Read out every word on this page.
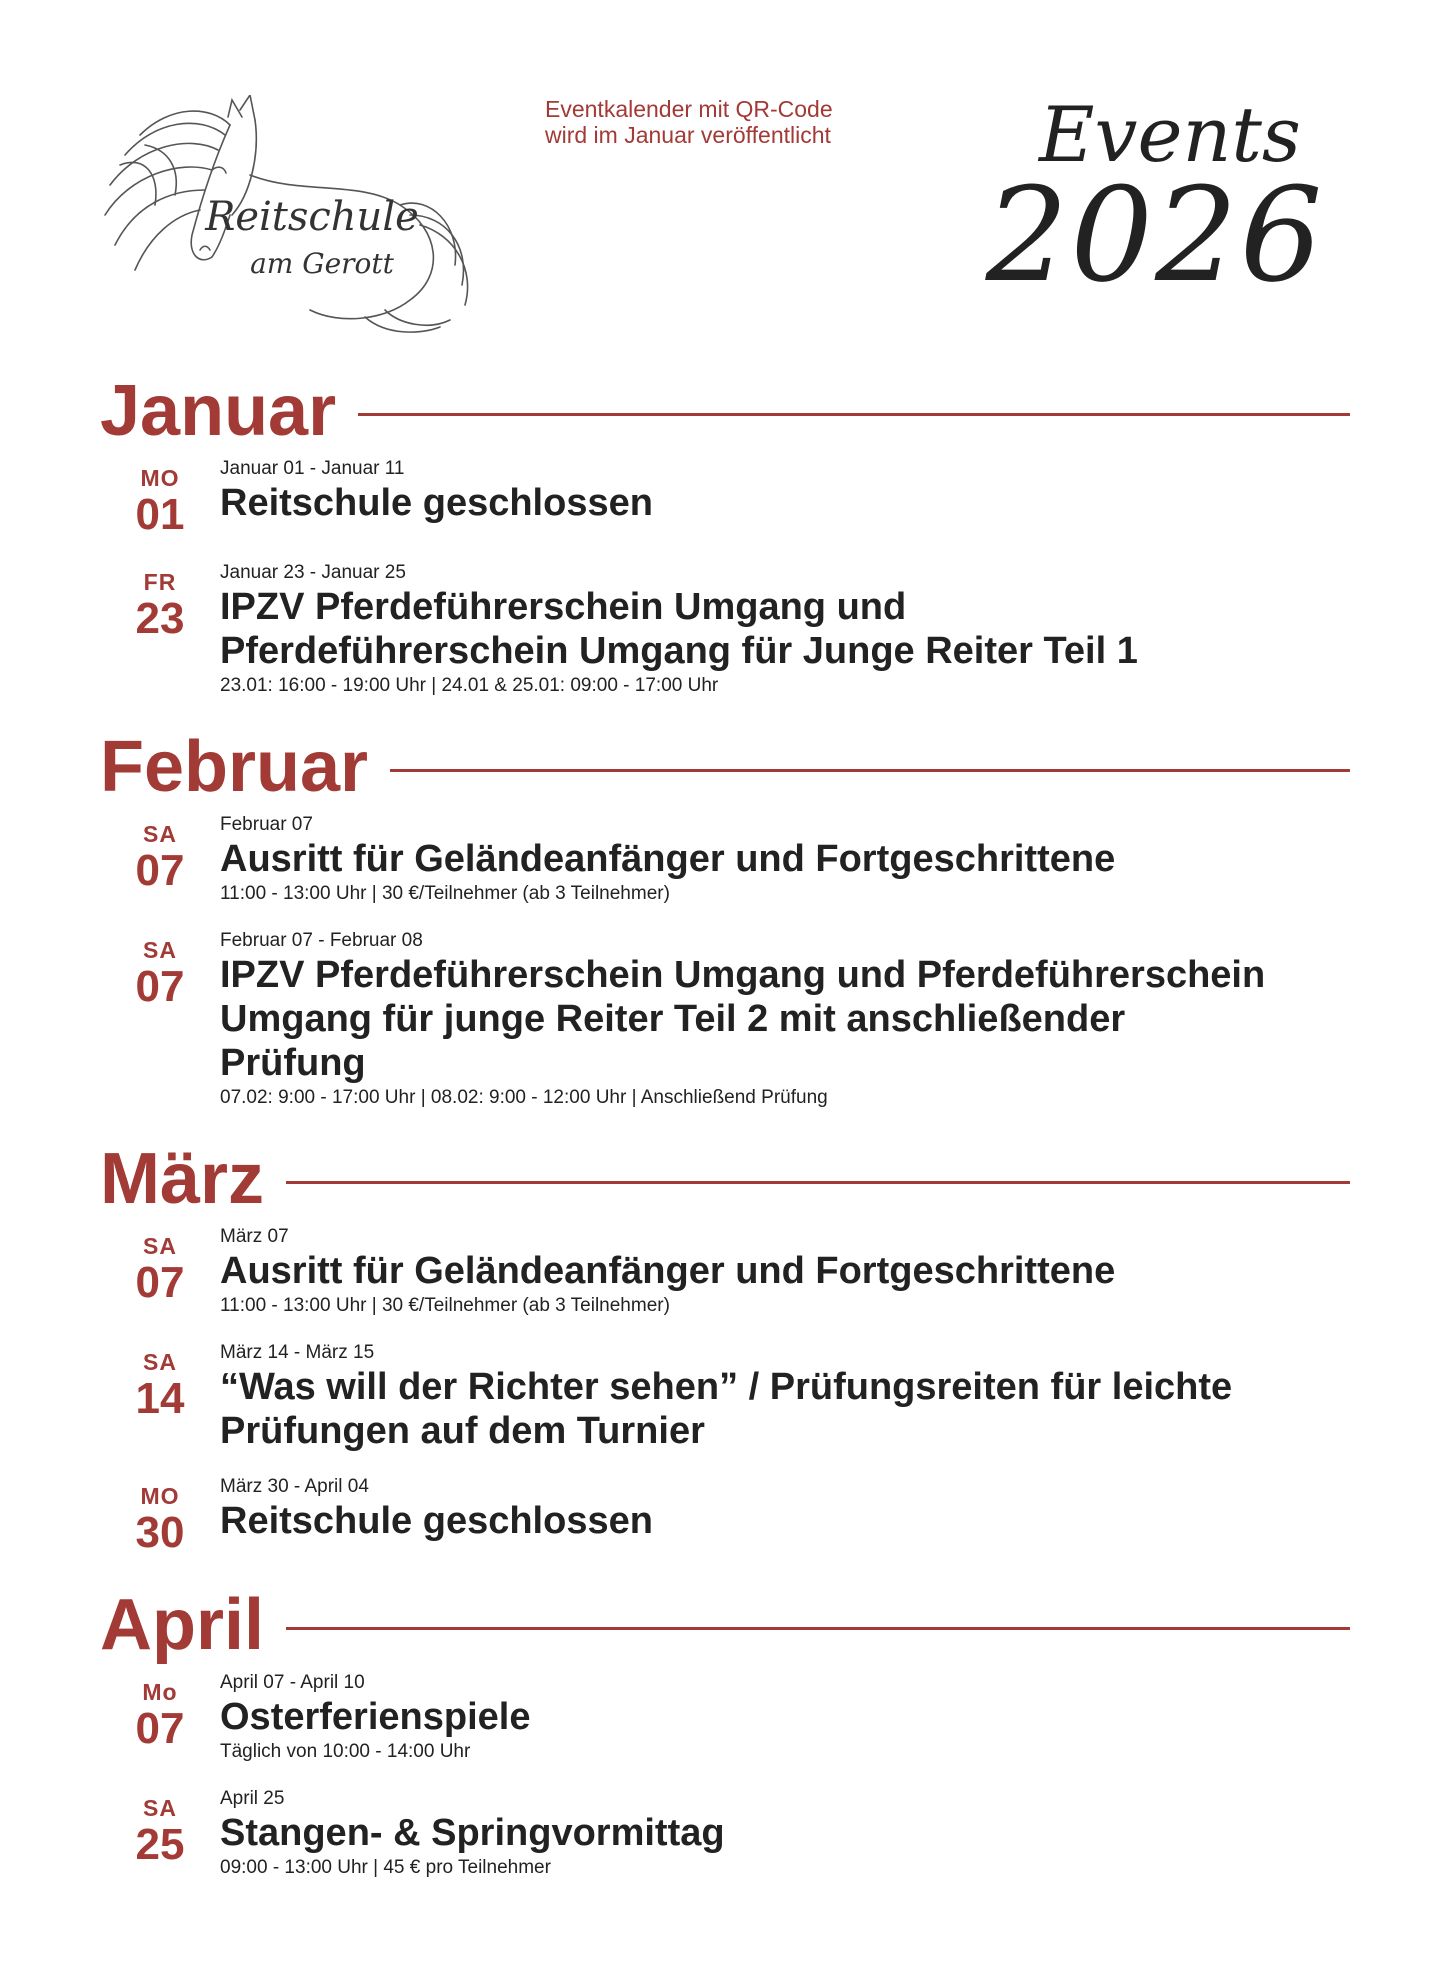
Reitschule
am Gerott
Eventkalender mit QR-Code
wird im Januar veröffentlicht	Events
2026
Januar
MO
01
Januar 01 - Januar 11
Reitschule geschlossen
FR
23
Januar 23 - Januar 25
IPZV Pferdeführerschein Umgang und
Pferdeführerschein Umgang für Junge Reiter Teil 1
23.01: 16:00 - 19:00 Uhr | 24.01 & 25.01: 09:00 - 17:00 Uhr
Februar
SA
07
Februar 07
Ausritt für Geländeanfänger und Fortgeschrittene
11:00 - 13:00 Uhr | 30 €/Teilnehmer (ab 3 Teilnehmer)
SA
07
Februar 07 - Februar 08
IPZV Pferdeführerschein Umgang und Pferdeführerschein
Umgang für junge Reiter Teil 2 mit anschließender
Prüfung
07.02: 9:00 - 17:00 Uhr | 08.02: 9:00 - 12:00 Uhr | Anschließend Prüfung
März
SA
07
März 07
Ausritt für Geländeanfänger und Fortgeschrittene
11:00 - 13:00 Uhr | 30 €/Teilnehmer (ab 3 Teilnehmer)
SA
14
März 14 - März 15
“Was will der Richter sehen” / Prüfungsreiten für leichte
Prüfungen auf dem Turnier
MO
30
März 30 - April 04
Reitschule geschlossen
April
Mo
07
April 07 - April 10
Osterferienspiele
Täglich von 10:00 - 14:00 Uhr
SA
25
April 25
Stangen- & Springvormittag
09:00 - 13:00 Uhr | 45 € pro Teilnehmer
